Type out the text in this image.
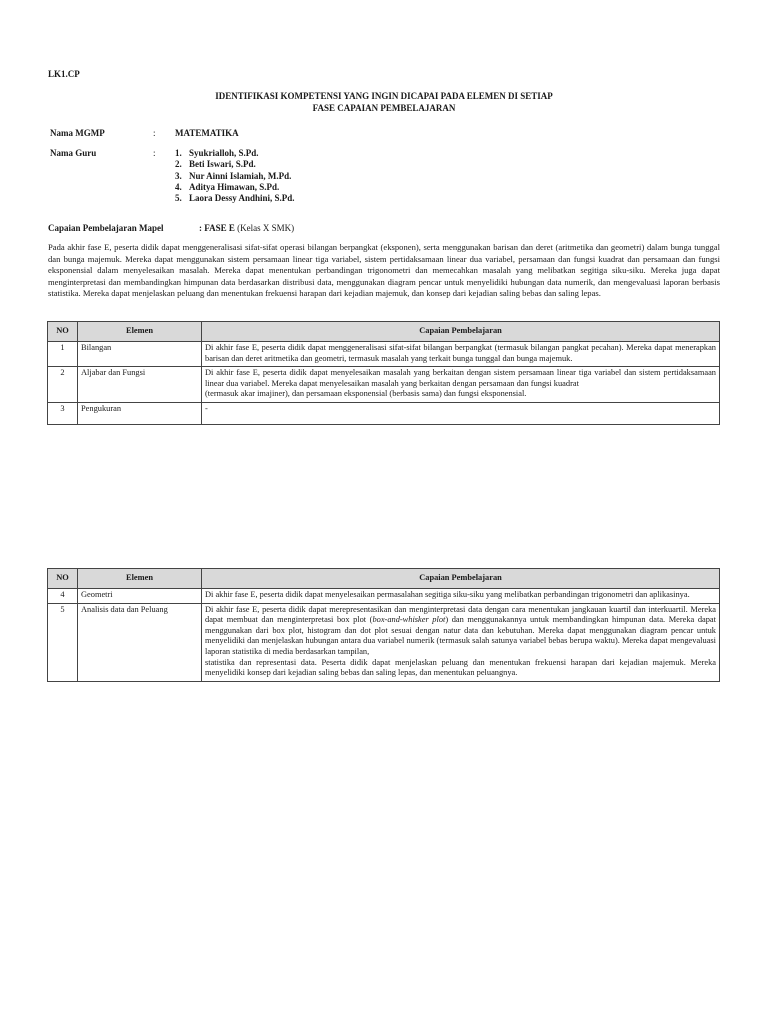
LK1.CP
IDENTIFIKASI KOMPETENSI YANG INGIN DICAPAI PADA ELEMEN DI SETIAP
FASE CAPAIAN PEMBELAJARAN
Nama MGMP	: MATEMATIKA
Nama Guru	: 1. Syukrialloh, S.Pd.
2. Beti Iswari, S.Pd.
3. Nur Ainni Islamiah, M.Pd.
4. Aditya Himawan, S.Pd.
5. Laora Dessy Andhini, S.Pd.
Capaian Pembelajaran Mapel	: FASE E (Kelas X SMK)
Pada akhir fase E, peserta didik dapat menggeneralisasi sifat-sifat operasi bilangan berpangkat (eksponen), serta menggunakan barisan dan deret (aritmetika dan geometri) dalam bunga tunggal dan bunga majemuk. Mereka dapat menggunakan sistem persamaan linear tiga variabel, sistem pertidaksamaan linear dua variabel, persamaan dan fungsi kuadrat dan persamaan dan fungsi eksponensial dalam menyelesaikan masalah. Mereka dapat menentukan perbandingan trigonometri dan memecahkan masalah yang melibatkan segitiga siku-siku. Mereka juga dapat menginterpretasi dan membandingkan himpunan data berdasarkan distribusi data, menggunakan diagram pencar untuk menyelidiki hubungan data numerik, dan mengevaluasi laporan berbasis statistika. Mereka dapat menjelaskan peluang dan menentukan frekuensi harapan dari kejadian majemuk, dan konsep dari kejadian saling bebas dan saling lepas.
NO	Elemen	Capaian Pembelajaran
1	Bilangan	Di akhir fase E, peserta didik dapat menggeneralisasi sifat-sifat bilangan berpangkat (termasuk bilangan pangkat pecahan). Mereka dapat menerapkan barisan dan deret aritmetika dan geometri, termasuk masalah yang terkait bunga tunggal dan bunga majemuk.

2	Aljabar dan Fungsi	Di akhir fase E, peserta didik dapat menyelesaikan masalah yang berkaitan dengan sistem persamaan linear tiga variabel dan sistem pertidaksamaan linear dua variabel. Mereka dapat menyelesaikan masalah yang berkaitan dengan persamaan dan fungsi kuadrat
(termasuk akar imajiner), dan persamaan eksponensial (berbasis sama) dan fungsi eksponensial.

3	Pengukuran	-
NO	Elemen	Capaian Pembelajaran
4	Geometri	Di akhir fase E, peserta didik dapat menyelesaikan permasalahan segitiga siku-siku yang melibatkan perbandingan trigonometri dan aplikasinya.

5	Analisis data dan Peluang	Di akhir fase E, peserta didik dapat merepresentasikan dan menginterpretasi data dengan cara menentukan jangkauan kuartil dan interkuartil. Mereka dapat membuat dan menginterpretasi box plot (box-and-whisker plot) dan menggunakannya untuk membandingkan himpunan data. Mereka dapat menggunakan dari box plot, histogram dan dot plot sesuai dengan natur data dan kebutuhan. Mereka dapat menggunakan diagram pencar untuk menyelidiki dan menjelaskan hubungan antara dua variabel numerik (termasuk salah satunya variabel bebas berupa waktu). Mereka dapat mengevaluasi laporan statistika di media berdasarkan tampilan,
statistika dan representasi data. Peserta didik dapat menjelaskan peluang dan menentukan frekuensi harapan dari kejadian majemuk. Mereka menyelidiki konsep dari kejadian saling bebas dan saling lepas, dan menentukan peluangnya.
